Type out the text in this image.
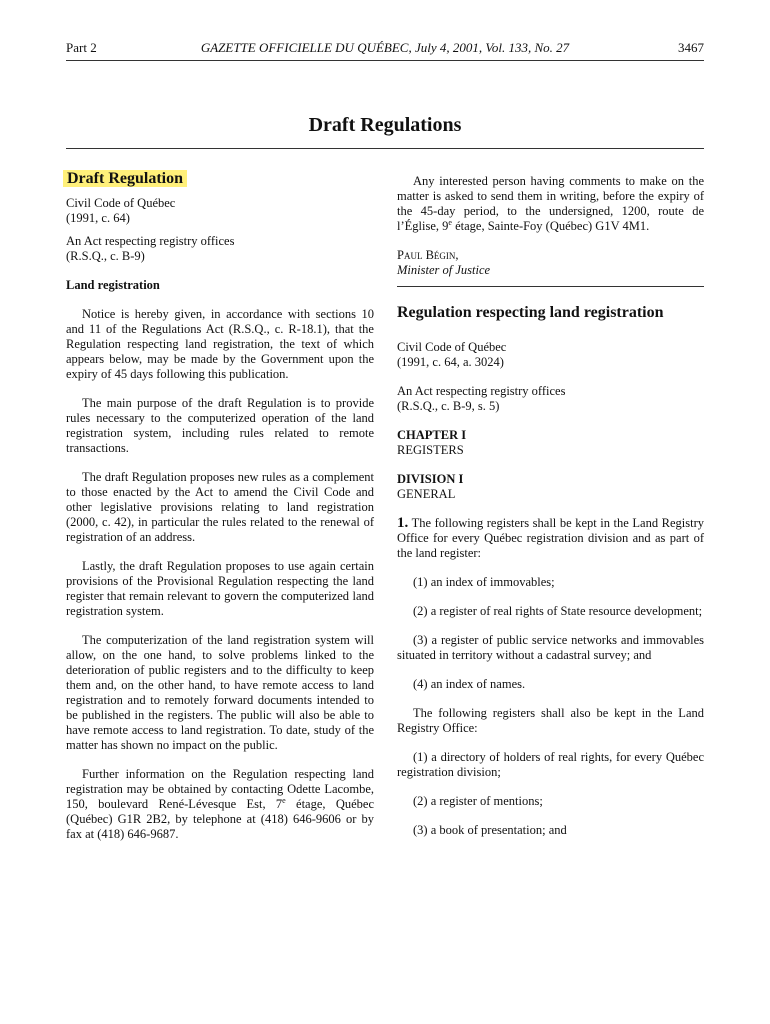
Part 2	GAZETTE OFFICIELLE DU QUÉBEC, July 4, 2001, Vol. 133, No. 27	3467
Draft Regulations
Draft Regulation

Civil Code of Québec
(1991, c. 64)

An Act respecting registry offices
(R.S.Q., c. B-9)

Land registration

Notice is hereby given, in accordance with sections 10 and 11 of the Regulations Act (R.S.Q., c. R-18.1), that the Regulation respecting land registration, the text of which appears below, may be made by the Government upon the expiry of 45 days following this publication.

The main purpose of the draft Regulation is to provide rules necessary to the computerized operation of the land registration system, including rules related to remote transactions.

The draft Regulation proposes new rules as a complement to those enacted by the Act to amend the Civil Code and other legislative provisions relating to land registration (2000, c. 42), in particular the rules related to the renewal of registration of an address.

Lastly, the draft Regulation proposes to use again certain provisions of the Provisional Regulation respecting the land register that remain relevant to govern the computerized land registration system.

The computerization of the land registration system will allow, on the one hand, to solve problems linked to the deterioration of public registers and to the difficulty to keep them and, on the other hand, to have remote access to land registration and to remotely forward documents intended to be published in the registers. The public will also be able to have remote access to land registration. To date, study of the matter has shown no impact on the public.

Further information on the Regulation respecting land registration may be obtained by contacting Odette Lacombe, 150, boulevard René-Lévesque Est, 7e étage, Québec (Québec) G1R 2B2, by telephone at (418) 646-9606 or by fax at (418) 646-9687.

Any interested person having comments to make on the matter is asked to send them in writing, before the expiry of the 45-day period, to the undersigned, 1200, route de l’Église, 9e étage, Sainte-Foy (Québec) G1V 4M1.

Paul Bégin,

Minister of Justice

Regulation respecting land registration

Civil Code of Québec
(1991, c. 64, a. 3024)

An Act respecting registry offices
(R.S.Q., c. B-9, s. 5)

CHAPTER I

REGISTERS

DIVISION I

GENERAL

1. The following registers shall be kept in the Land Registry Office for every Québec registration division and as part of the land register:

(1) an index of immovables;

(2) a register of real rights of State resource development;

(3) a register of public service networks and immovables situated in territory without a cadastral survey; and

(4) an index of names.

The following registers shall also be kept in the Land Registry Office:

(1) a directory of holders of real rights, for every Québec registration division;

(2) a register of mentions;

(3) a book of presentation; and
